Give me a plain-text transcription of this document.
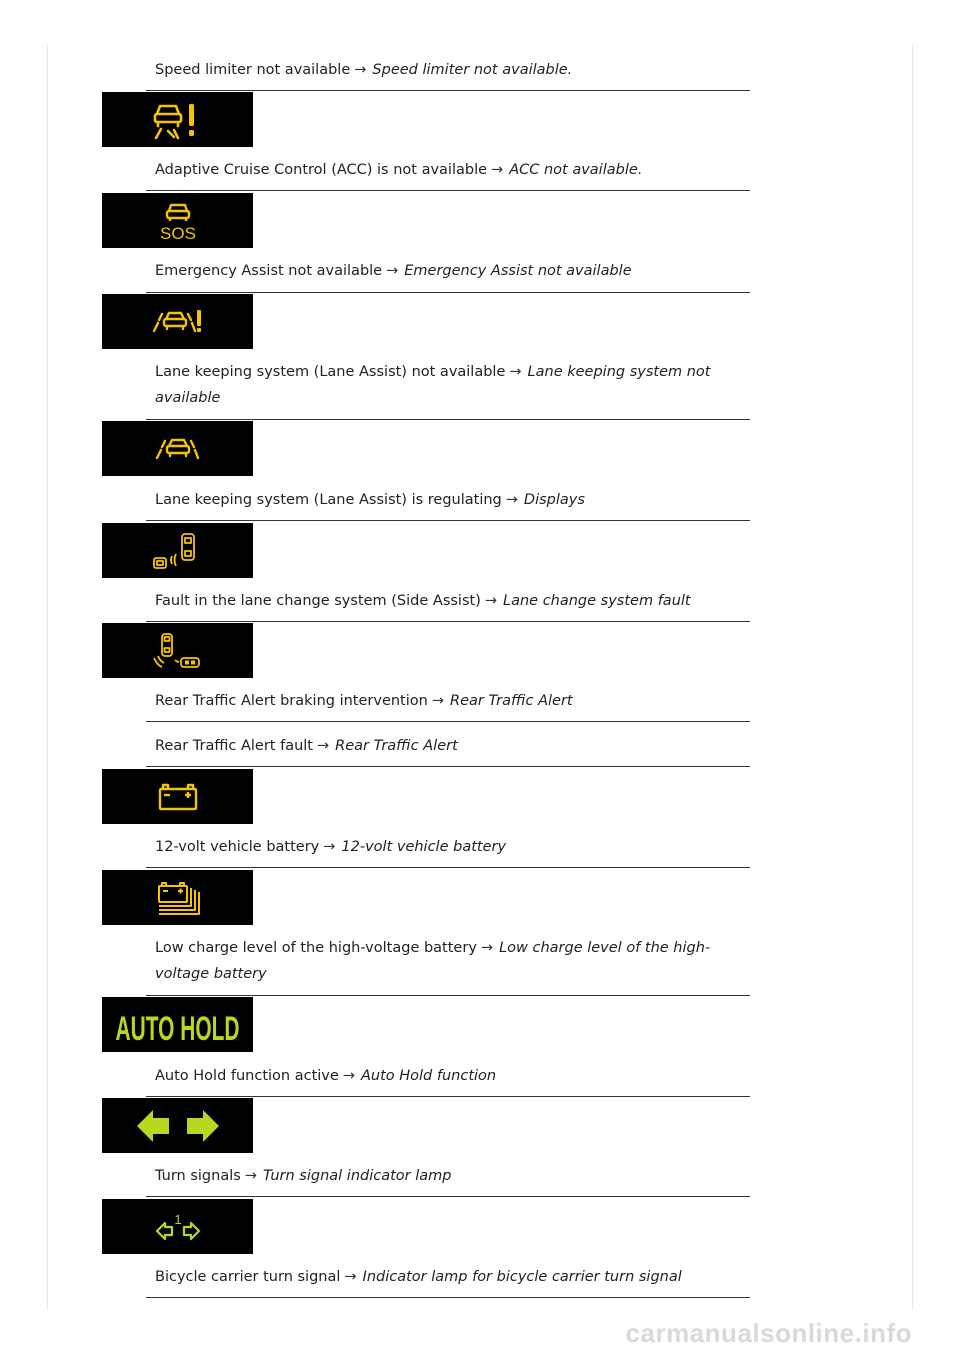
Speed limiter not available → Speed limiter not available.
Adaptive Cruise Control (ACC) is not available → ACC not available.
SOS
Emergency Assist not available → Emergency Assist not available
Lane keeping system (Lane Assist) not available → Lane keeping system not available
Lane keeping system (Lane Assist) is regulating → Displays
Fault in the lane change system (Side Assist) → Lane change system fault
Rear Traffic Alert braking intervention → Rear Traffic Alert
Rear Traffic Alert fault → Rear Traffic Alert
12-volt vehicle battery → 12-volt vehicle battery
Low charge level of the high-voltage battery → Low charge level of the high-voltage battery
AUTO HOLD
Auto Hold function active → Auto Hold function
Turn signals → Turn signal indicator lamp
1
Bicycle carrier turn signal → Indicator lamp for bicycle carrier turn signal
carmanualsonline.info
